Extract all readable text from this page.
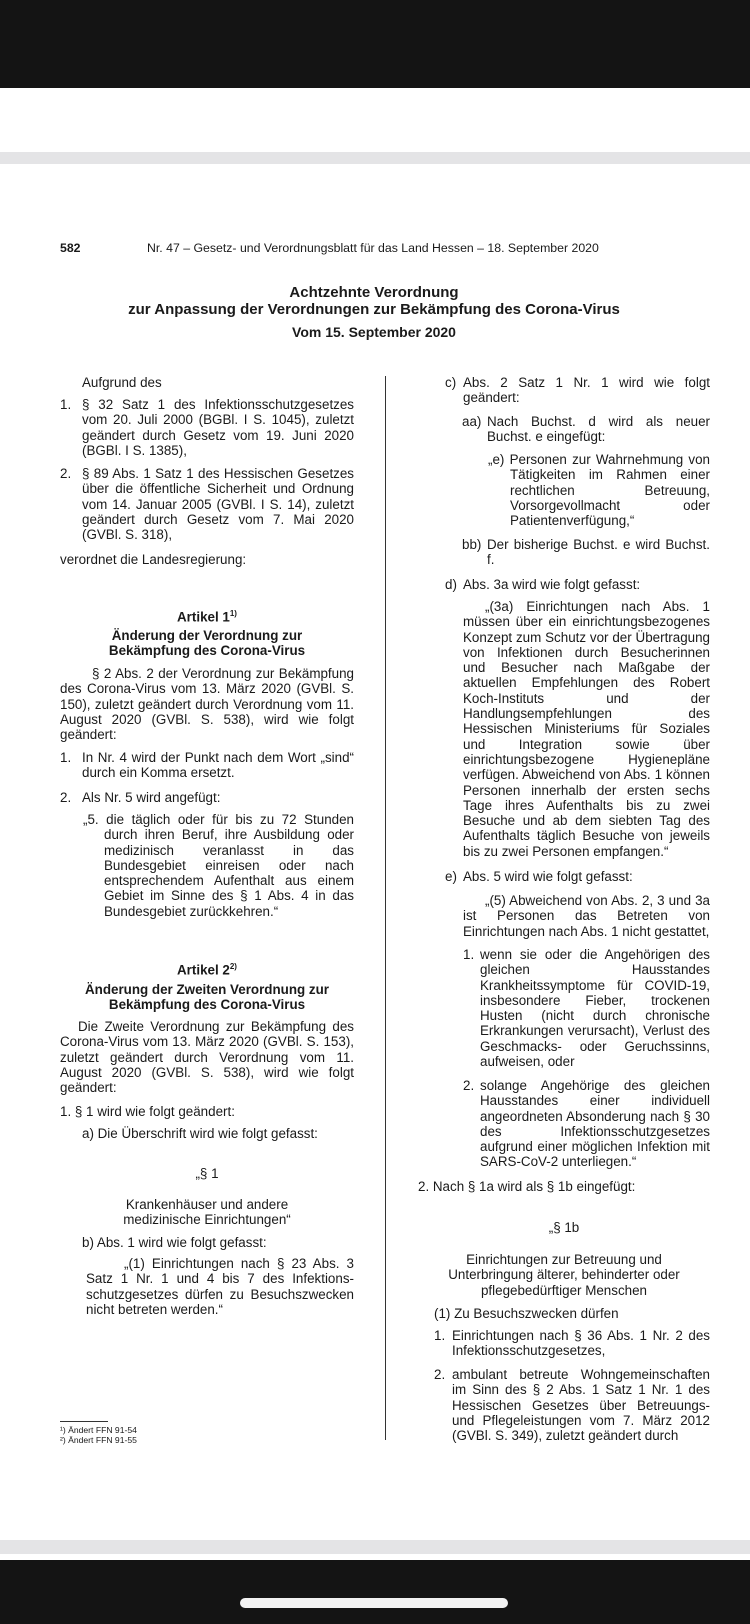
582	Nr. 47 – Gesetz- und Verordnungsblatt für das Land Hessen – 18. September 2020

Achtzehnte Verordnung

zur Anpassung der Verordnungen zur Bekämpfung des Corona-Virus

Vom 15. September 2020

Aufgrund des

1. § 32 Satz 1 des Infektionsschutzgesetzes vom 20. Juli 2000 (BGBl. I S. 1045), zuletzt geändert durch Gesetz vom 19. Juni 2020 (BGBl. I S. 1385),

2. § 89 Abs. 1 Satz 1 des Hessischen Gesetzes über die öffentliche Sicherheit und Ordnung vom 14. Januar 2005 (GVBl. I S. 14), zuletzt geändert durch Gesetz vom 7. Mai 2020 (GVBl. S. 318),

verordnet die Landesregierung:

Artikel 1$^{1)}$

Änderung der Verordnung zur Bekämpfung des Corona-Virus

§ 2 Abs. 2 der Verordnung zur Bekämpfung des Corona-Virus vom 13. März 2020 (GVBl. S. 150), zuletzt geändert durch Verordnung vom 11. August 2020 (GVBl. S. 538), wird wie folgt geändert:

1. In Nr. 4 wird der Punkt nach dem Wort „sind“ durch ein Komma ersetzt.

2. Als Nr. 5 wird angefügt:

„5. die täglich oder für bis zu 72 Stunden durch ihren Beruf, ihre Ausbildung oder medizinisch veranlasst in das Bundesgebiet einreisen oder nach entsprechendem Aufenthalt aus einem Gebiet im Sinne des § 1 Abs. 4 in das Bundesgebiet zurückkehren.“

Artikel 2$^{2)}$

Änderung der Zweiten Verordnung zur Bekämpfung des Corona-Virus

Die Zweite Verordnung zur Bekämpfung des Corona-Virus vom 13. März 2020 (GVBl. S. 153), zuletzt geändert durch Verordnung vom 11. August 2020 (GVBl. S. 538), wird wie folgt geändert:

1. § 1 wird wie folgt geändert:

a) Die Überschrift wird wie folgt gefasst:

„§ 1

Krankenhäuser und andere medizinische Einrichtungen“

b) Abs. 1 wird wie folgt gefasst:

„(1) Einrichtungen nach § 23 Abs. 3 Satz 1 Nr. 1 und 4 bis 7 des Infektions-schutzgesetzes dürfen zu Besuchszwecken nicht betreten werden.“

¹) Ändert FFN 91-54

²) Ändert FFN 91-55

c) Abs. 2 Satz 1 Nr. 1 wird wie folgt geändert:

aa) Nach Buchst. d wird als neuer Buchst. e eingefügt:

„e) Personen zur Wahrnehmung von Tätigkeiten im Rahmen einer rechtlichen Betreuung, Vorsorgevollmacht oder Patientenverfügung,“

bb) Der bisherige Buchst. e wird Buchst. f.

d) Abs. 3a wird wie folgt gefasst:

„(3a) Einrichtungen nach Abs. 1 müssen über ein einrichtungsbezogenes Konzept zum Schutz vor der Übertragung von Infektionen durch Besucherinnen und Besucher nach Maßgabe der aktuellen Empfehlungen des Robert Koch-Instituts und der Handlungsempfehlungen des Hessischen Ministeriums für Soziales und Integration sowie über einrichtungsbezogene Hygienepläne verfügen. Abweichend von Abs. 1 können Personen innerhalb der ersten sechs Tage ihres Aufenthalts bis zu zwei Besuche und ab dem siebten Tag des Aufenthalts täglich Besuche von jeweils bis zu zwei Personen empfangen.“

e) Abs. 5 wird wie folgt gefasst:

„(5) Abweichend von Abs. 2, 3 und 3a ist Personen das Betreten von Einrichtungen nach Abs. 1 nicht gestattet,

1. wenn sie oder die Angehörigen des gleichen Hausstandes Krankheitssymptome für COVID-19, insbesondere Fieber, trockenen Husten (nicht durch chronische Erkrankungen verursacht), Verlust des Geschmacks- oder Geruchssinns, aufweisen, oder

2. solange Angehörige des gleichen Hausstandes einer individuell angeordneten Absonderung nach § 30 des Infektionsschutzgesetzes aufgrund einer möglichen Infektion mit SARS-CoV-2 unterliegen.“

2. Nach § 1a wird als § 1b eingefügt:

„§ 1b

Einrichtungen zur Betreuung und Unterbringung älterer, behinderter oder pflegebedürftiger Menschen

(1) Zu Besuchszwecken dürfen

1. Einrichtungen nach § 36 Abs. 1 Nr. 2 des Infektionsschutzgesetzes,

2. ambulant betreute Wohngemeinschaften im Sinn des § 2 Abs. 1 Satz 1 Nr. 1 des Hessischen Gesetzes über Betreuungs- und Pflegeleistungen vom 7. März 2012 (GVBl. S. 349), zuletzt geändert durch
